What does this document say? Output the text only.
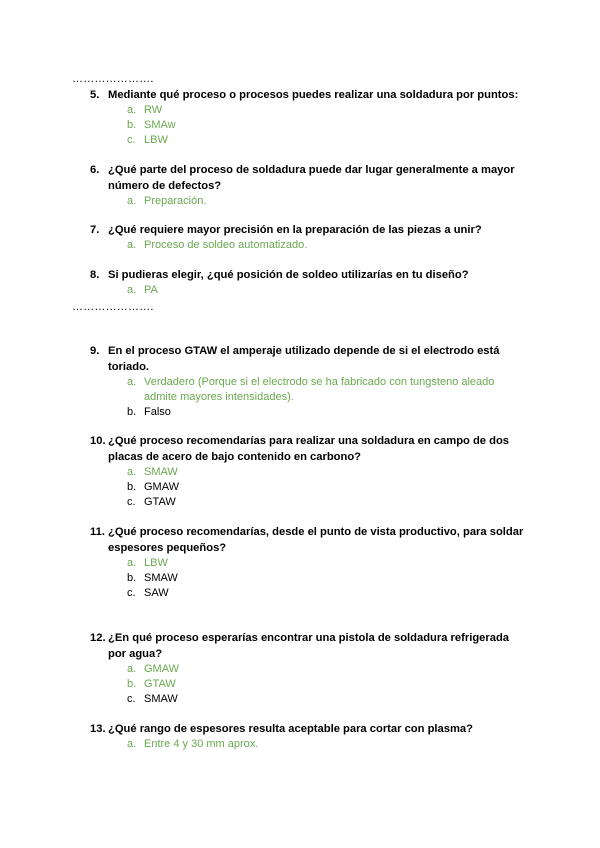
………………….
………………….
5. Mediante qué proceso o procesos puedes realizar una soldadura por puntos:
a. RW
b. SMAw
c. LBW
6. ¿Qué parte del proceso de soldadura puede dar lugar generalmente a mayor número de defectos?
a. Preparación.
7. ¿Qué requiere mayor precisión en la preparación de las piezas a unir?
a. Proceso de soldeo automatizado.
8. Si pudieras elegir, ¿qué posición de soldeo utilizarías en tu diseño?
a. PA
9. En el proceso GTAW el amperaje utilizado depende de si el electrodo está toriado.
a. Verdadero (Porque si el electrodo se ha fabricado con tungsteno aleado admite mayores intensidades).
b. Falso
10. ¿Qué proceso recomendarías para realizar una soldadura en campo de dos placas de acero de bajo contenido en carbono?
a. SMAW
b. GMAW
c. GTAW
11. ¿Qué proceso recomendarías, desde el punto de vista productivo, para soldar espesores pequeños?
a. LBW
b. SMAW
c. SAW
12. ¿En qué proceso esperarías encontrar una pistola de soldadura refrigerada por agua?
a. GMAW
b. GTAW
c. SMAW
13. ¿Qué rango de espesores resulta aceptable para cortar con plasma?
a. Entre 4 y 30 mm aprox.
